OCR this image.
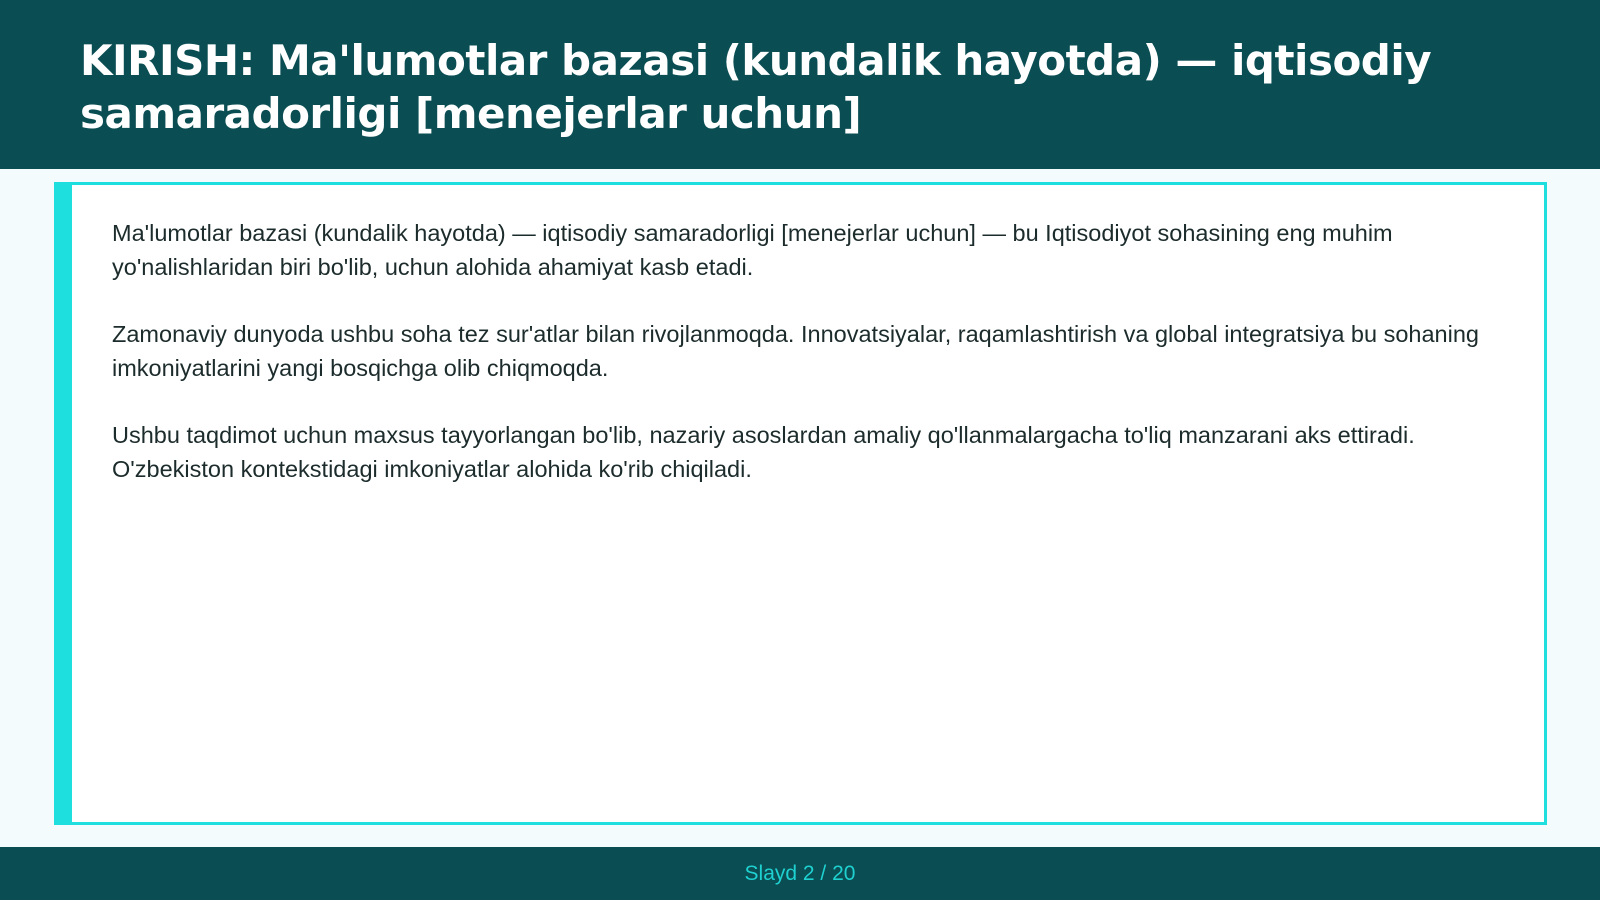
KIRISH: Ma'lumotlar bazasi (kundalik hayotda) — iqtisodiy samaradorligi [menejerlar uchun]

Ma'lumotlar bazasi (kundalik hayotda) — iqtisodiy samaradorligi [menejerlar uchun] — bu Iqtisodiyot sohasining eng muhim yo'nalishlaridan biri bo'lib, uchun alohida ahamiyat kasb etadi.

Zamonaviy dunyoda ushbu soha tez sur'atlar bilan rivojlanmoqda. Innovatsiyalar, raqamlashtirish va global integratsiya bu sohaning imkoniyatlarini yangi bosqichga olib chiqmoqda.

Ushbu taqdimot uchun maxsus tayyorlangan bo'lib, nazariy asoslardan amaliy qo'llanmalargacha to'liq manzarani aks ettiradi. O'zbekiston kontekstidagi imkoniyatlar alohida ko'rib chiqiladi.

Slayd 2 / 20
